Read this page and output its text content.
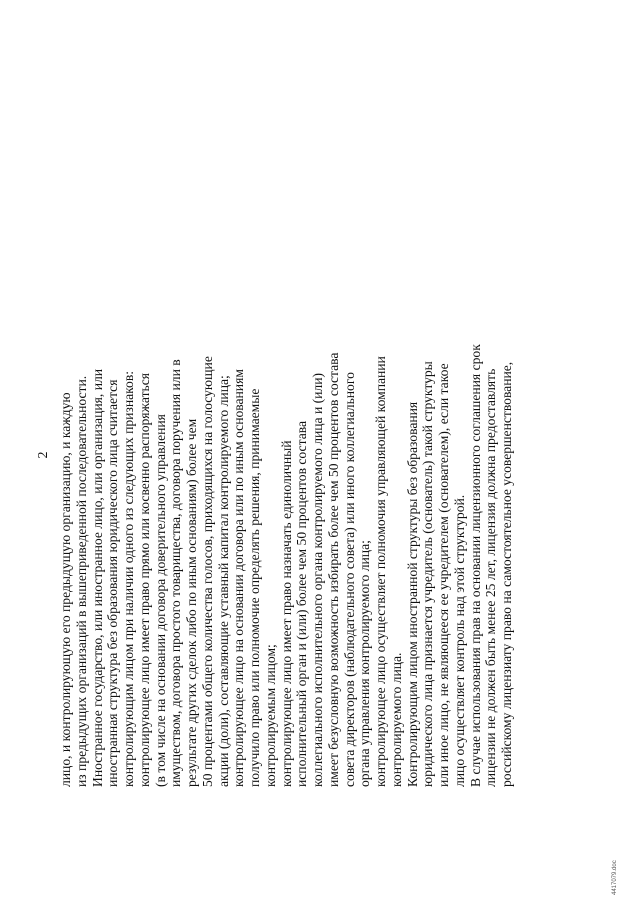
2 лицо, и контролирующую его предыдущую организацию, и каждую из предыдущих организаций в вышеприведенной последовательности. Иностранное государство, или иностранное лицо, или организация, или иностранная структура без образования юридического лица считается контролирующим лицом при наличии одного из следующих признаков: контролирующее лицо имеет право прямо или косвенно распоряжаться (в том числе на основании договора доверительного управления имуществом, договора простого товарищества, договора поручения или в результате других сделок либо по иным основаниям) более чем 50 процентами общего количества голосов, приходящихся на голосующие акции (доли), составляющие уставный капитал контролируемого лица; контролирующее лицо на основании договора или по иным основаниям получило право или полномочие определять решения, принимаемые контролируемым лицом; контролирующее лицо имеет право назначать единоличный исполнительный орган и (или) более чем 50 процентов состава коллегиального исполнительного органа контролируемого лица и (или) имеет безусловную возможность избирать более чем 50 процентов состава совета директоров (наблюдательного совета) или иного коллегиального органа управления контролируемого лица; контролирующее лицо осуществляет полномочия управляющей компании контролируемого лица. Контролирующим лицом иностранной структуры без образования юридического лица признается учредитель (основатель) такой структуры или иное лицо, не являющееся ее учредителем (основателем), если такое лицо осуществляет контроль над этой структурой. В случае использования прав на основании лицензионного соглашения срок лицензии не должен быть менее 25 лет, лицензия должна предоставлять российскому лицензиату право на самостоятельное усовершенствование,
4417079.doc
